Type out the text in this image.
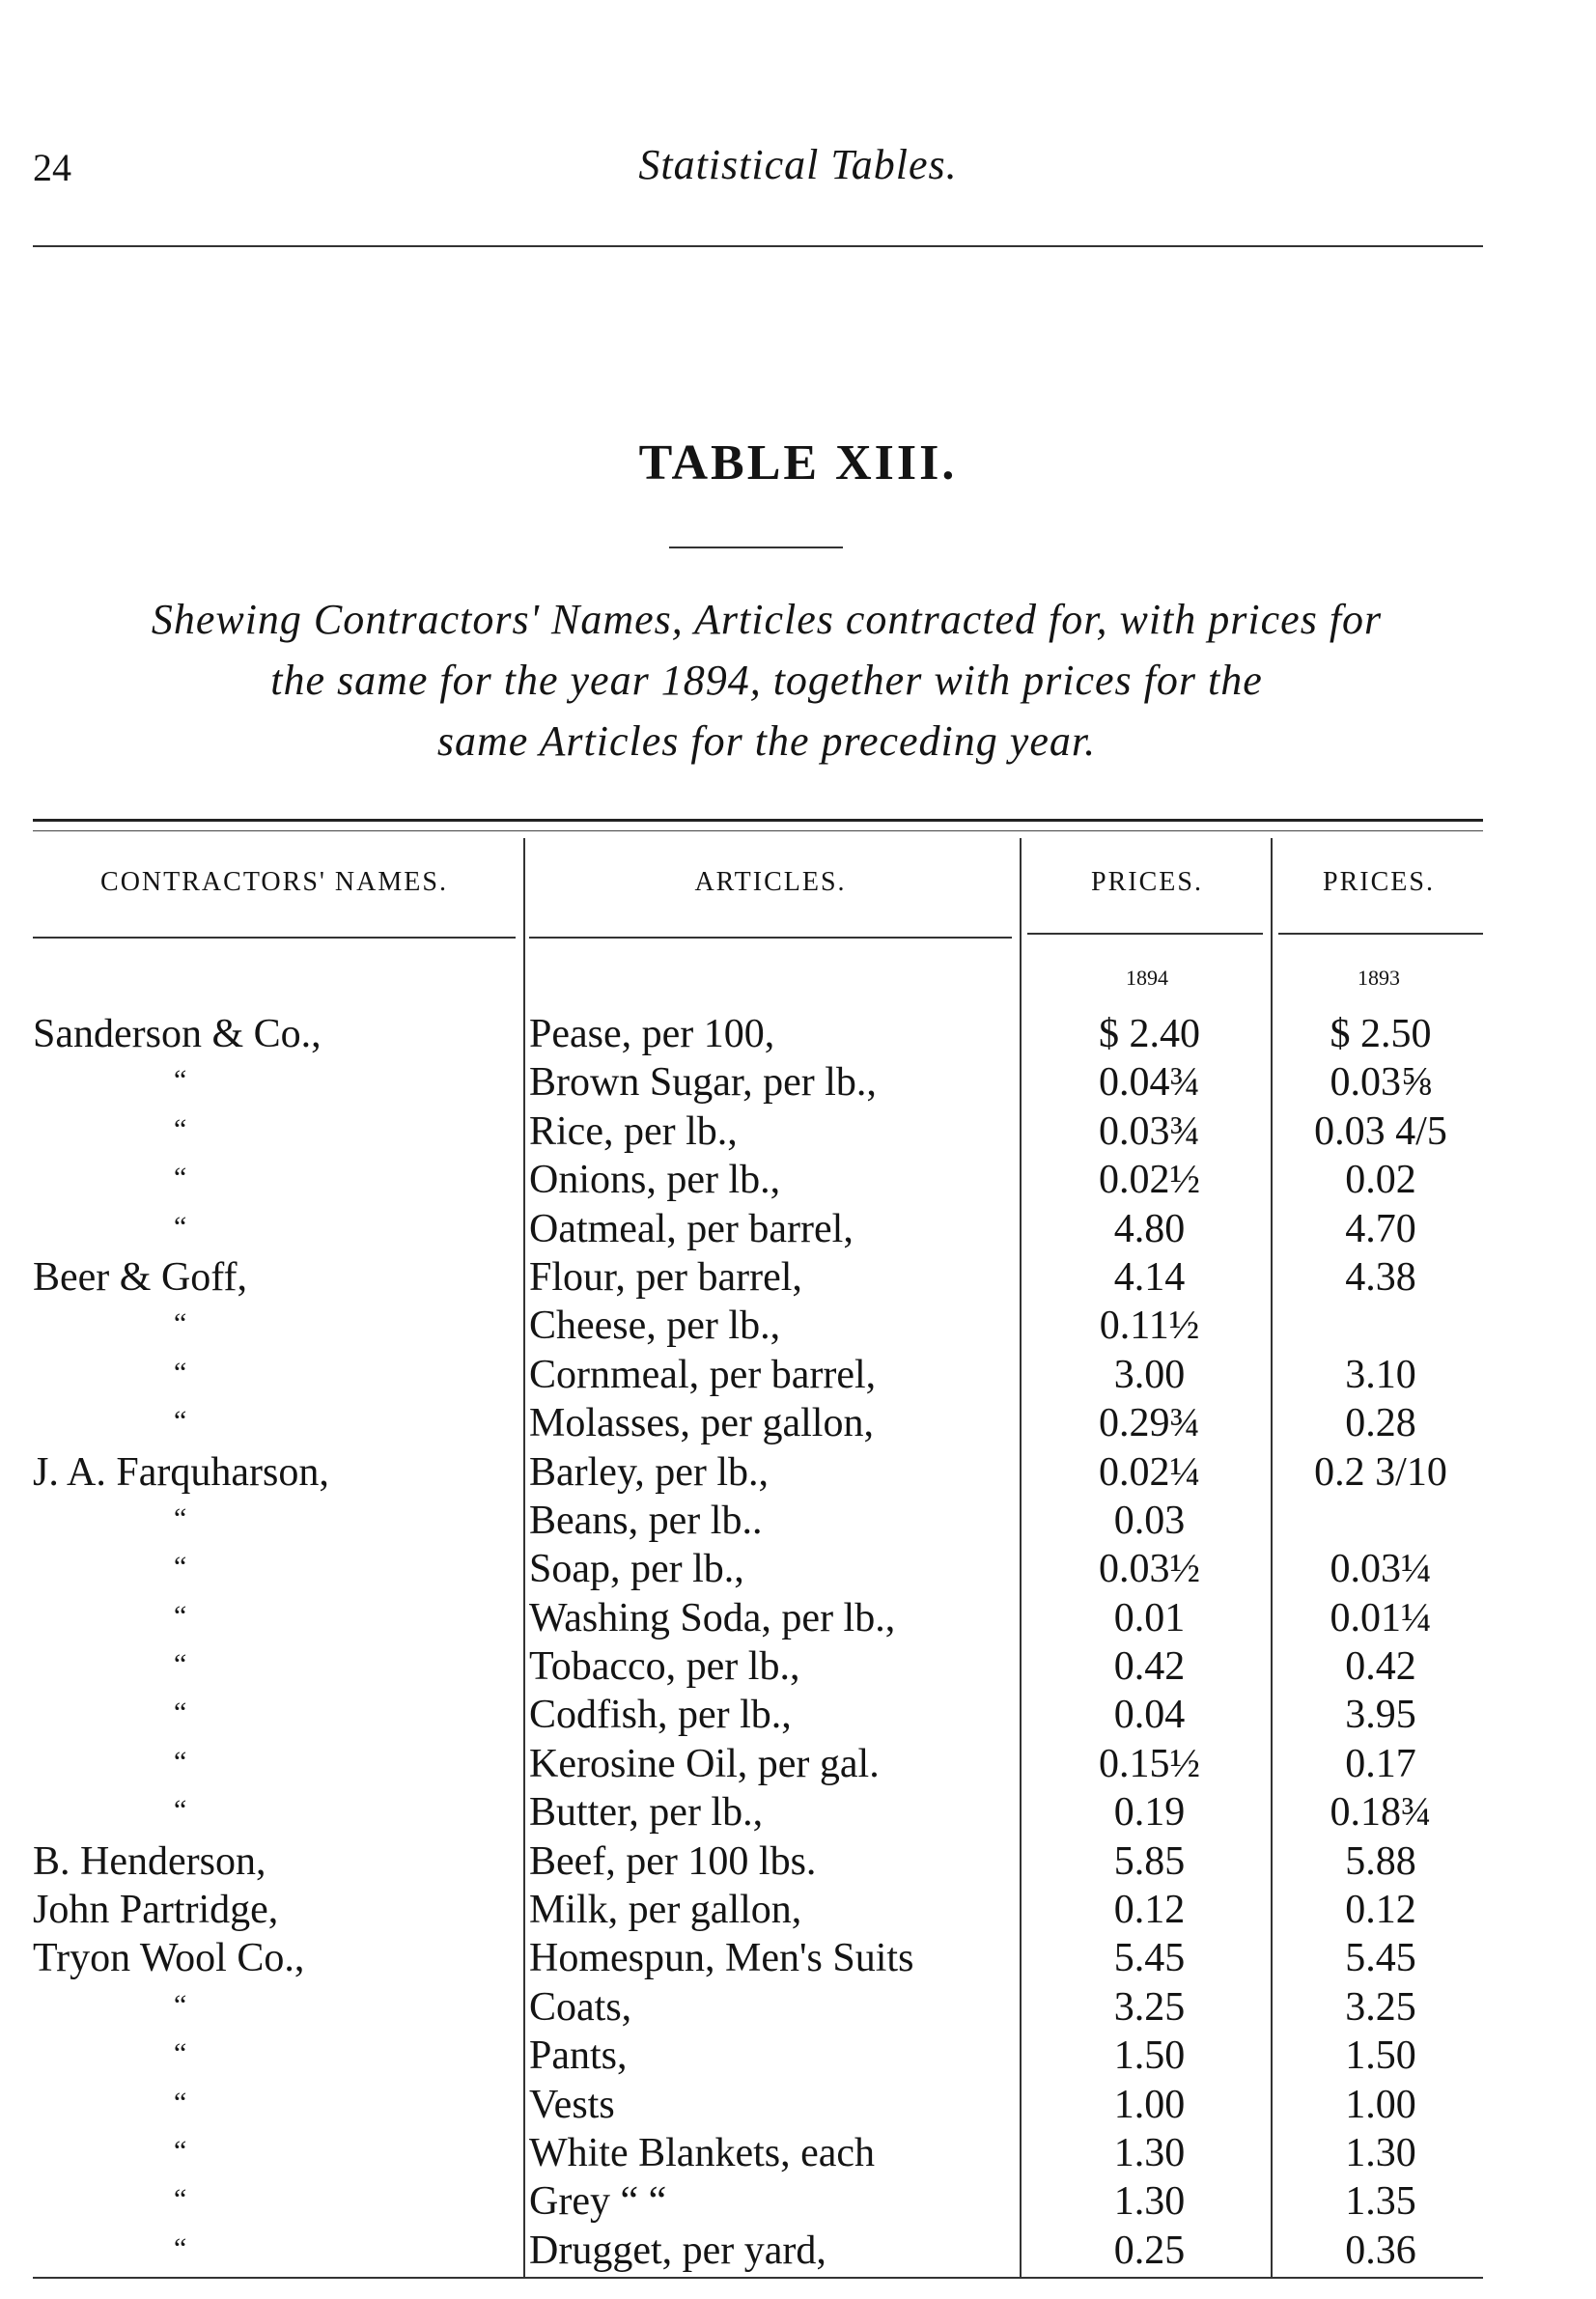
24	Statistical Tables.
TABLE XIII.
Shewing Contractors' Names, Articles contracted for, with prices for
the same for the year 1894, together with prices for the
same Articles for the preceding year.
CONTRACTORS' NAMES.	ARTICLES.	PRICES.	PRICES.
1894	1893
Sanderson & Co.,	Pease, per 100,	$ 2.40	$ 2.50
“	Brown Sugar, per lb.,	0.04¾	0.03⅝
“	Rice, per lb.,	0.03¾	0.03 4/5
“	Onions, per lb.,	0.02½	0.02
“	Oatmeal, per barrel,	4.80	4.70
Beer & Goff,	Flour, per barrel,	4.14	4.38
“	Cheese, per lb.,	0.11½
“	Cornmeal, per barrel,	3.00	3.10
“	Molasses, per gallon,	0.29¾	0.28
J. A. Farquharson,	Barley, per lb.,	0.02¼	0.2 3/10
“	Beans, per lb..	0.03
“	Soap, per lb.,	0.03½	0.03¼
“	Washing Soda, per lb.,	0.01	0.01¼
“	Tobacco, per lb.,	0.42	0.42
“	Codfish, per lb.,	0.04	3.95
“	Kerosine Oil, per gal.	0.15½	0.17
“	Butter, per lb.,	0.19	0.18¾
B. Henderson,	Beef, per 100 lbs.	5.85	5.88
John Partridge,	Milk, per gallon,	0.12	0.12
Tryon Wool Co.,	Homespun, Men's Suits	5.45	5.45
“	Coats,	3.25	3.25
“	Pants,	1.50	1.50
“	Vests	1.00	1.00
“	White Blankets, each	1.30	1.30
“	Grey “ “	1.30	1.35
“	Drugget, per yard,	0.25	0.36
